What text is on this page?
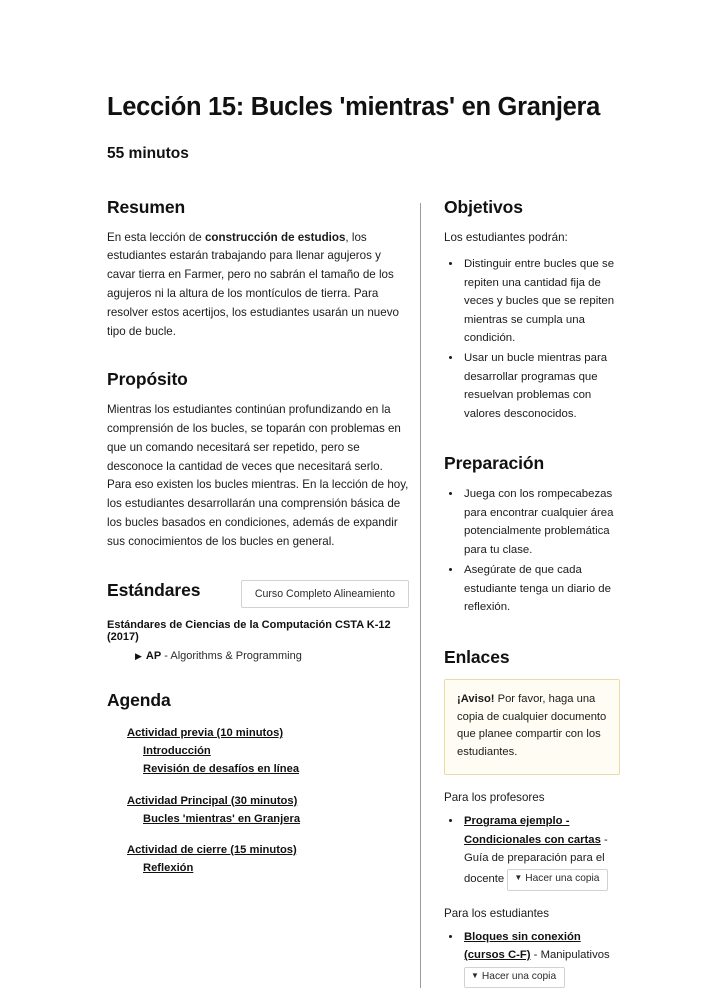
Lección 15: Bucles 'mientras' en Granjera
55 minutos
Resumen

En esta lección de construcción de estudios, los estudiantes estarán trabajando para llenar agujeros y cavar tierra en Farmer, pero no sabrán el tamaño de los agujeros ni la altura de los montículos de tierra. Para resolver estos acertijos, los estudiantes usarán un nuevo tipo de bucle.

Propósito

Mientras los estudiantes continúan profundizando en la comprensión de los bucles, se toparán con problemas en que un comando necesitará ser repetido, pero se desconoce la cantidad de veces que necesitará serlo. Para eso existen los bucles mientras. En la lección de hoy, los estudiantes desarrollarán una comprensión básica de los bucles basados en condiciones, además de expandir sus conocimientos de los bucles en general.

Estándares	Curso Completo Alineamiento
Estándares de Ciencias de la Computación CSTA K-12 (2017)
▶ AP - Algorithms & Programming
Agenda
Actividad previa (10 minutos)
Introducción
Revisión de desafíos en línea
Actividad Principal (30 minutos)
Bucles 'mientras' en Granjera
Actividad de cierre (15 minutos)
Reflexión
Objetivos

Los estudiantes podrán:

• Distinguir entre bucles que se repiten una cantidad fija de veces y bucles que se repiten mientras se cumpla una condición.
• Usar un bucle mientras para desarrollar programas que resuelvan problemas con valores desconocidos.
Preparación
• Juega con los rompecabezas para encontrar cualquier área potencialmente problemática para tu clase.
• Asegúrate de que cada estudiante tenga un diario de reflexión.
Enlaces

¡Aviso! Por favor, haga una copia de cualquier documento que planee compartir con los estudiantes.

Para los profesores
• Programa ejemplo - Condicionales con cartas - Guía de preparación para el docente ▼ Hacer una copia
Para los estudiantes
• Bloques sin conexión (cursos C-F) - Manipulativos
▼ Hacer una copia
